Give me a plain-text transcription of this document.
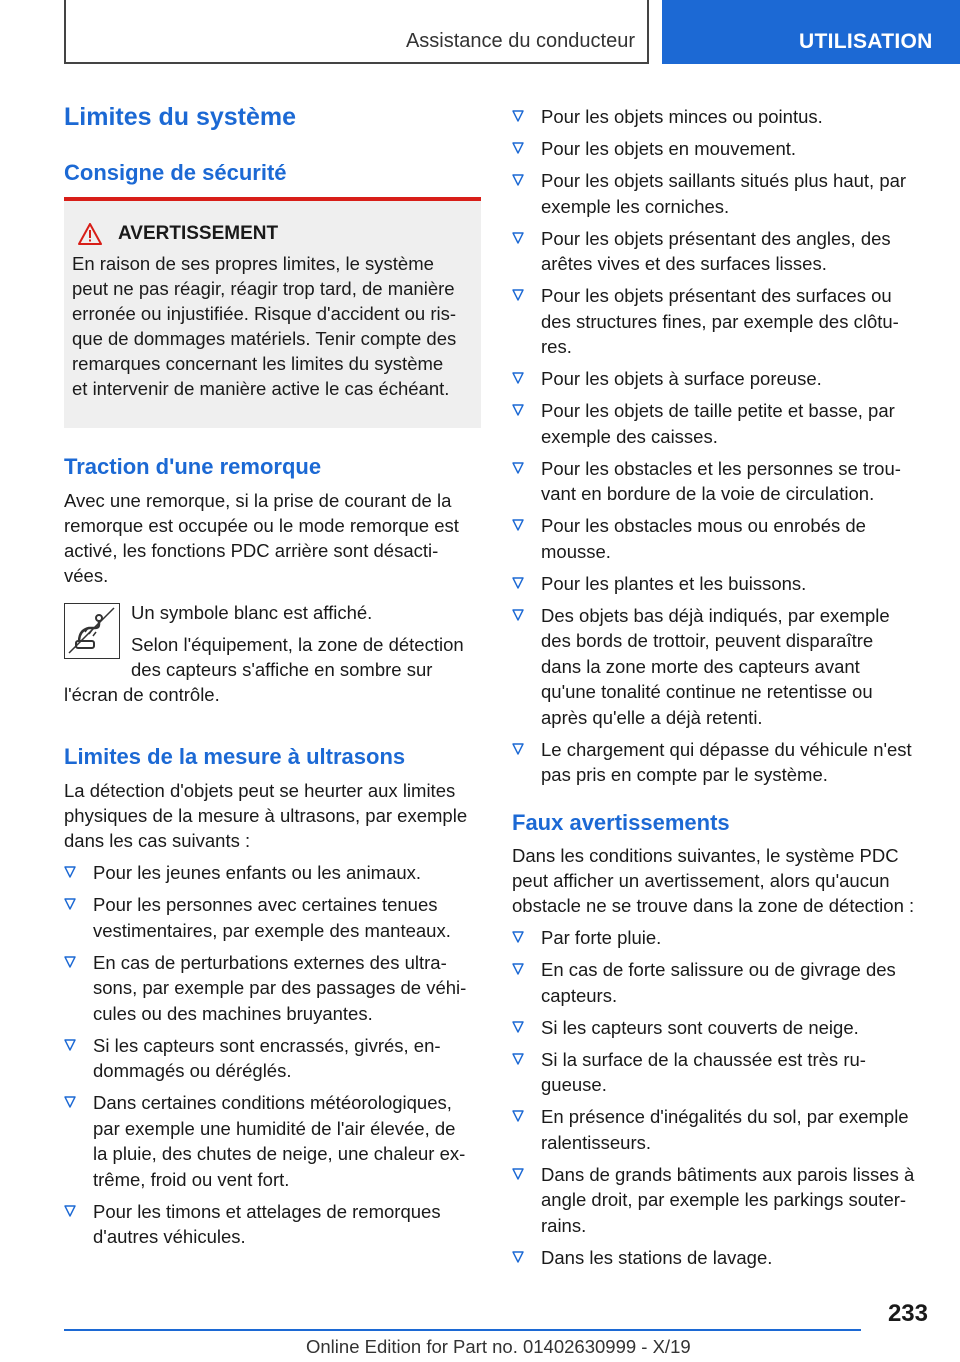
Assistance du conducteur	UTILISATION
Limites du système
Consigne de sécurité
AVERTISSEMENT

En raison de ses propres limites, le système

peut ne pas réagir, réagir trop tard, de manière

erronée ou injustifiée. Risque d'accident ou ris-

que de dommages matériels. Tenir compte des

remarques concernant les limites du système

et intervenir de manière active le cas échéant.

Traction d'une remorque

Avec une remorque, si la prise de courant de la

remorque est occupée ou le mode remorque est

activé, les fonctions PDC arrière sont désacti-

vées.

Un symbole blanc est affiché.

Selon l'équipement, la zone de détection

des capteurs s'affiche en sombre sur

l'écran de contrôle.

Limites de la mesure à ultrasons

La détection d'objets peut se heurter aux limites

physiques de la mesure à ultrasons, par exemple

dans les cas suivants :

Pour les jeunes enfants ou les animaux.
Pour les personnes avec certaines tenues
vestimentaires, par exemple des manteaux.
En cas de perturbations externes des ultra-
sons, par exemple par des passages de véhi-
cules ou des machines bruyantes.
Si les capteurs sont encrassés, givrés, en-
dommagés ou déréglés.
Dans certaines conditions météorologiques,
par exemple une humidité de l'air élevée, de
la pluie, des chutes de neige, une chaleur ex-
trême, froid ou vent fort.
Pour les timons et attelages de remorques
d'autres véhicules.
Pour les objets minces ou pointus.
Pour les objets en mouvement.
Pour les objets saillants situés plus haut, par
exemple les corniches.
Pour les objets présentant des angles, des
arêtes vives et des surfaces lisses.
Pour les objets présentant des surfaces ou
des structures fines, par exemple des clôtu-
res.
Pour les objets à surface poreuse.
Pour les objets de taille petite et basse, par
exemple des caisses.
Pour les obstacles et les personnes se trou-
vant en bordure de la voie de circulation.
Pour les obstacles mous ou enrobés de
mousse.
Pour les plantes et les buissons.
Des objets bas déjà indiqués, par exemple
des bords de trottoir, peuvent disparaître
dans la zone morte des capteurs avant
qu'une tonalité continue ne retentisse ou
après qu'elle a déjà retenti.
Le chargement qui dépasse du véhicule n'est
pas pris en compte par le système.
Faux avertissements

Dans les conditions suivantes, le système PDC

peut afficher un avertissement, alors qu'aucun

obstacle ne se trouve dans la zone de détection :

Par forte pluie.
En cas de forte salissure ou de givrage des
capteurs.
Si les capteurs sont couverts de neige.
Si la surface de la chaussée est très ru-
gueuse.
En présence d'inégalités du sol, par exemple
ralentisseurs.
Dans de grands bâtiments aux parois lisses à
angle droit, par exemple les parkings souter-
rains.
Dans les stations de lavage.
233
Online Edition for Part no. 01402630999 - X/19
